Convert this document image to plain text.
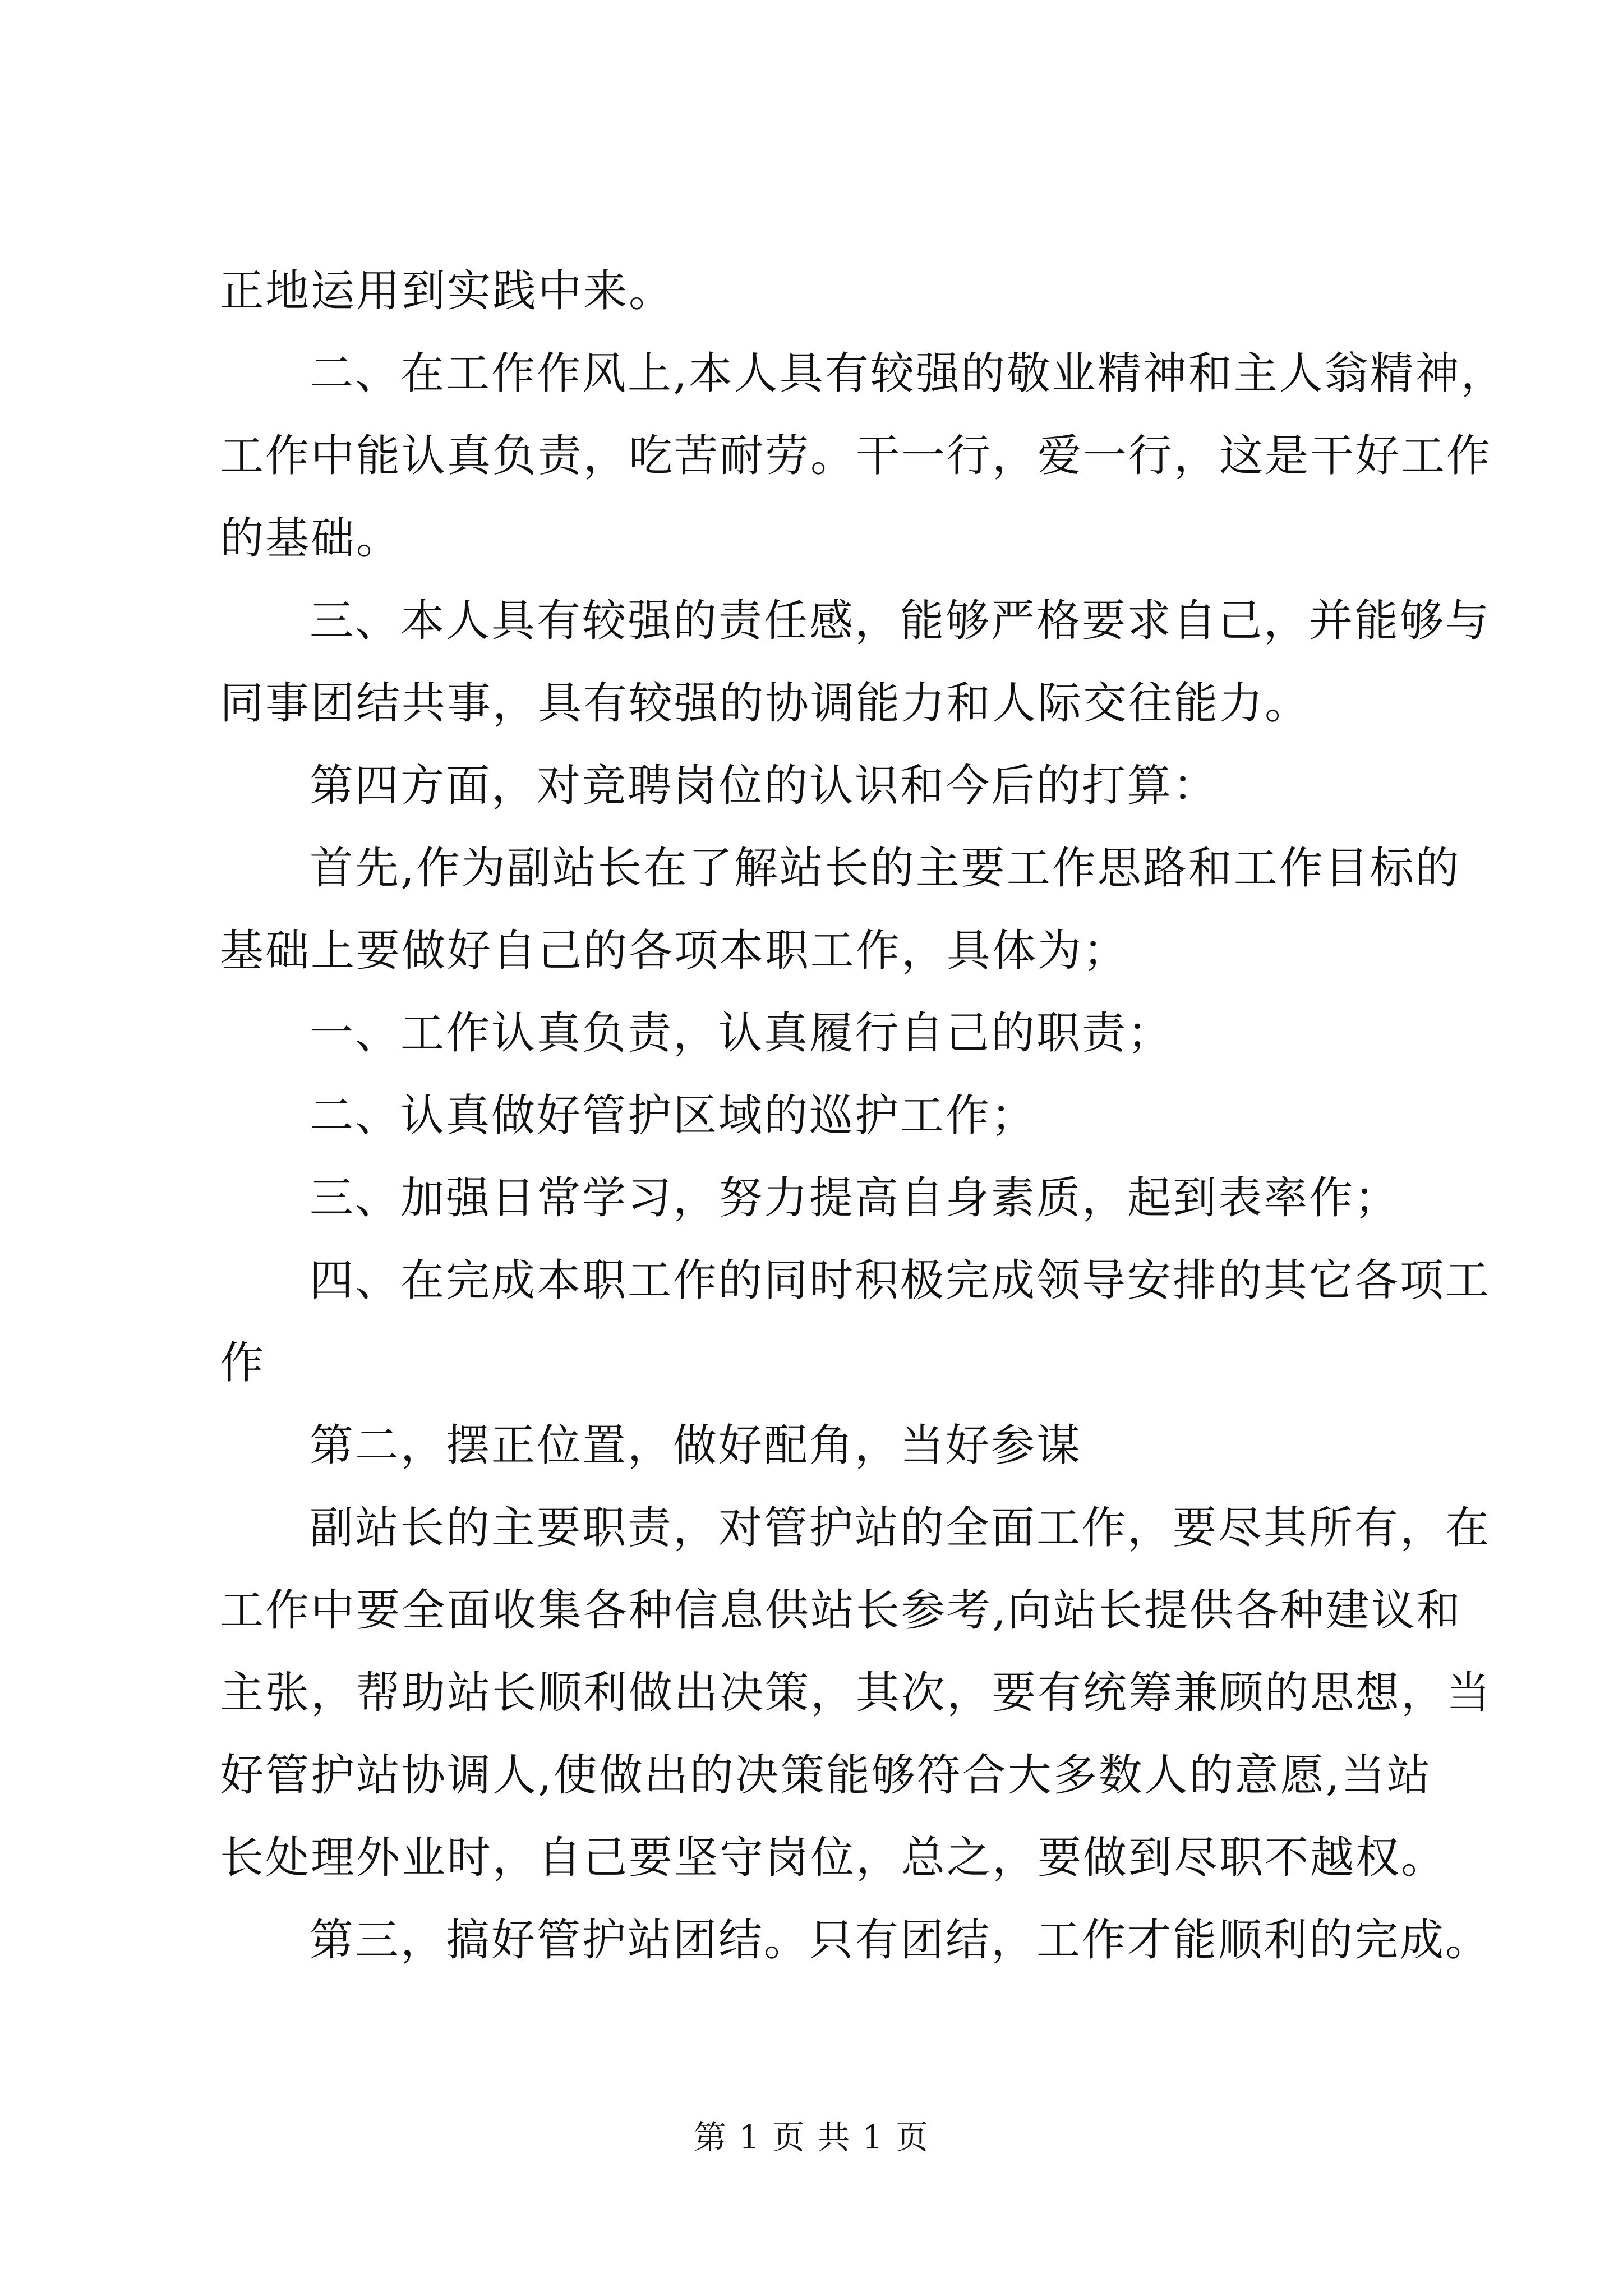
正地运用到实践中来。
二、在工作作风上,本人具有较强的敬业精神和主人翁精神，
工作中能认真负责，吃苦耐劳。干一行，爱一行，这是干好工作
的基础。
三、本人具有较强的责任感，能够严格要求自己，并能够与
同事团结共事，具有较强的协调能力和人际交往能力。
第四方面，对竞聘岗位的认识和今后的打算：
首先,作为副站长在了解站长的主要工作思路和工作目标的
基础上要做好自己的各项本职工作，具体为；
一、工作认真负责，认真履行自己的职责；
二、认真做好管护区域的巡护工作；
三、加强日常学习，努力提高自身素质，起到表率作；
四、在完成本职工作的同时积极完成领导安排的其它各项工
作
第二，摆正位置，做好配角，当好参谋
副站长的主要职责，对管护站的全面工作，要尽其所有，在
工作中要全面收集各种信息供站长参考,向站长提供各种建议和
主张，帮助站长顺利做出决策，其次，要有统筹兼顾的思想，当
好管护站协调人,使做出的决策能够符合大多数人的意愿,当站
长处理外业时，自己要坚守岗位，总之，要做到尽职不越权。
第三，搞好管护站团结。只有团结，工作才能顺利的完成。
第 1 页 共 1 页
